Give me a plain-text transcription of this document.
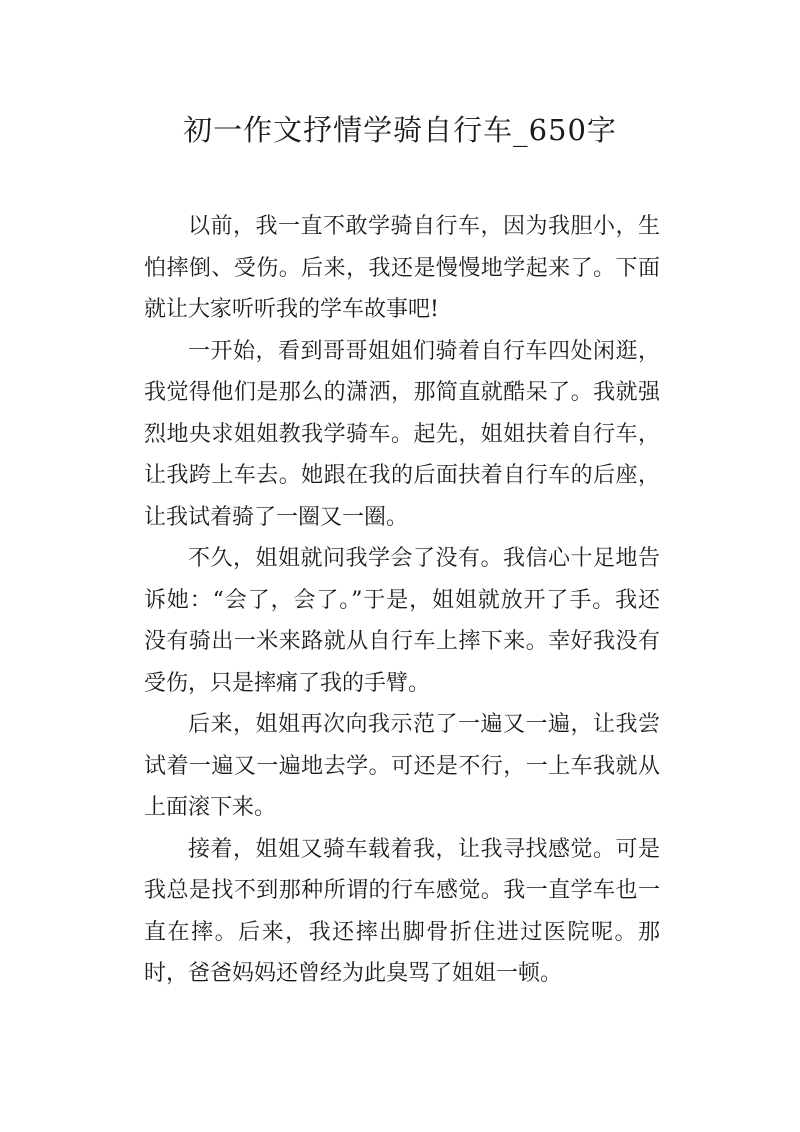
初一作文抒情学骑自行车_650字

以前，我一直不敢学骑自行车，因为我胆小，生怕摔倒、受伤。后来，我还是慢慢地学起来了。下面就让大家听听我的学车故事吧!

一开始，看到哥哥姐姐们骑着自行车四处闲逛，我觉得他们是那么的潇洒，那简直就酷呆了。我就强烈地央求姐姐教我学骑车。起先，姐姐扶着自行车，让我跨上车去。她跟在我的后面扶着自行车的后座，让我试着骑了一圈又一圈。

不久，姐姐就问我学会了没有。我信心十足地告诉她：“会了，会了。”于是，姐姐就放开了手。我还没有骑出一米来路就从自行车上摔下来。幸好我没有受伤，只是摔痛了我的手臂。

后来，姐姐再次向我示范了一遍又一遍，让我尝试着一遍又一遍地去学。可还是不行，一上车我就从上面滚下来。

接着，姐姐又骑车载着我，让我寻找感觉。可是我总是找不到那种所谓的行车感觉。我一直学车也一直在摔。后来，我还摔出脚骨折住进过医院呢。那时，爸爸妈妈还曾经为此臭骂了姐姐一顿。
